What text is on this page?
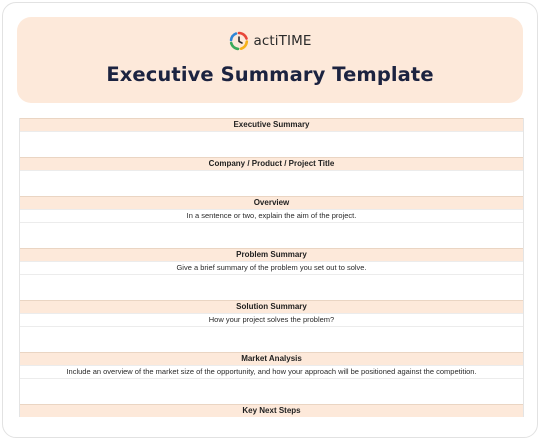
actiTIME
Executive Summary Template
Executive Summary
Company / Product / Project Title
Overview
In a sentence or two, explain the aim of the project.
Problem Summary
Give a brief summary of the problem you set out to solve.
Solution Summary
How your project solves the problem?
Market Analysis
Include an overview of the market size of the opportunity, and how your approach will be positioned against the competition.
Key Next Steps
